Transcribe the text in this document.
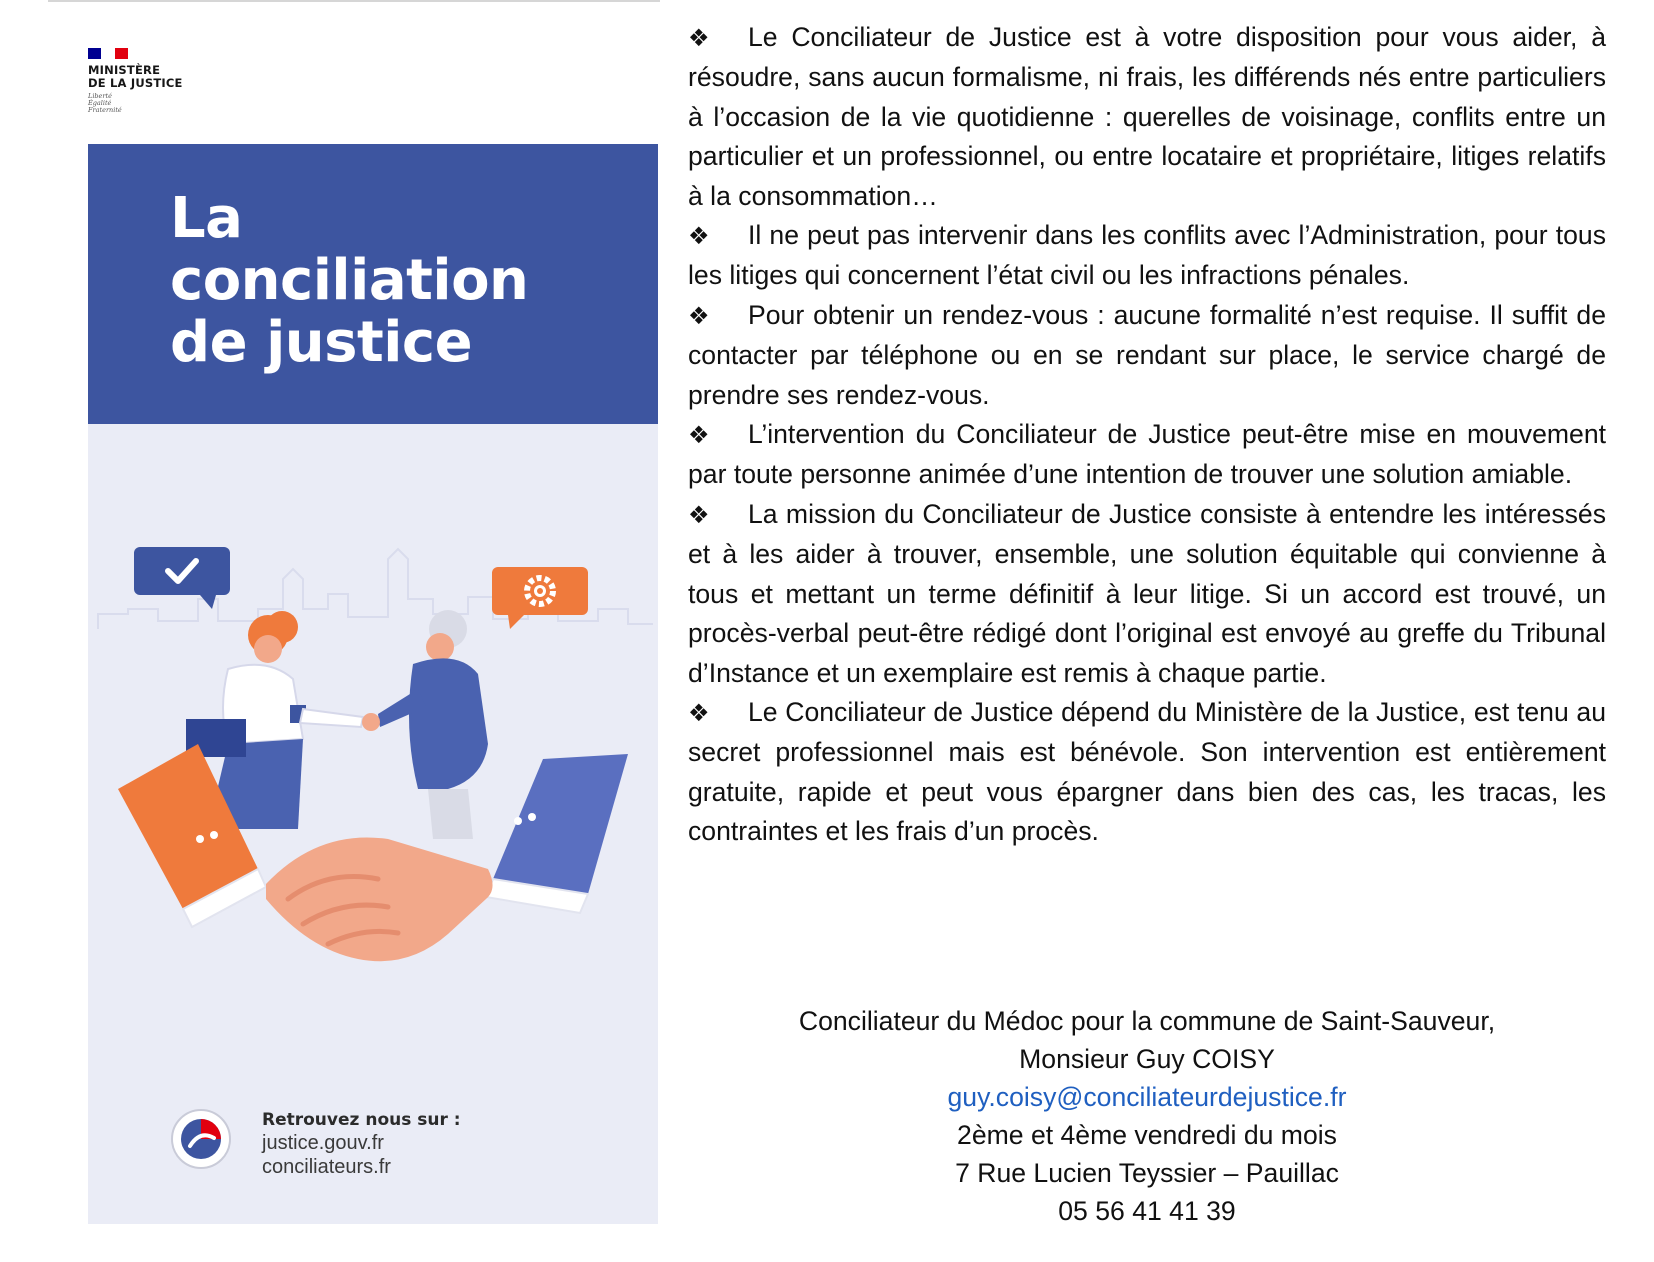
MINISTÈRE
DE LA JUSTICE
Liberté
Égalité
Fraternité
La
conciliation
de justice
Retrouvez nous sur :
justice.gouv.fr
conciliateurs.fr

❖ Le Conciliateur de Justice est à votre disposition pour vous aider, à résoudre, sans aucun formalisme, ni frais, les différends nés entre particuliers à l’occasion de la vie quotidienne : querelles de voisinage, conflits entre un particulier et un professionnel, ou entre locataire et propriétaire, litiges relatifs à la consommation…

❖ Il ne peut pas intervenir dans les conflits avec l’Administration, pour tous les litiges qui concernent l’état civil ou les infractions pénales.

❖ Pour obtenir un rendez-vous : aucune formalité n’est requise. Il suffit de contacter par téléphone ou en se rendant sur place, le service chargé de prendre ses rendez-vous.

❖ L’intervention du Conciliateur de Justice peut-être mise en mouvement par toute personne animée d’une intention de trouver une solution amiable.

❖ La mission du Conciliateur de Justice consiste à entendre les intéressés et à les aider à trouver, ensemble, une solution équitable qui convienne à tous et mettant un terme définitif à leur litige. Si un accord est trouvé, un procès-verbal peut-être rédigé dont l’original est envoyé au greffe du Tribunal d’Instance et un exemplaire est remis à chaque partie.

❖ Le Conciliateur de Justice dépend du Ministère de la Justice, est tenu au secret professionnel mais est bénévole. Son intervention est entièrement gratuite, rapide et peut vous épargner dans bien des cas, les tracas, les contraintes et les frais d’un procès.

Conciliateur du Médoc pour la commune de Saint-Sauveur,
Monsieur Guy COISY
guy.coisy@conciliateurdejustice.fr
2ème et 4ème vendredi du mois
7 Rue Lucien Teyssier – Pauillac
05 56 41 41 39
